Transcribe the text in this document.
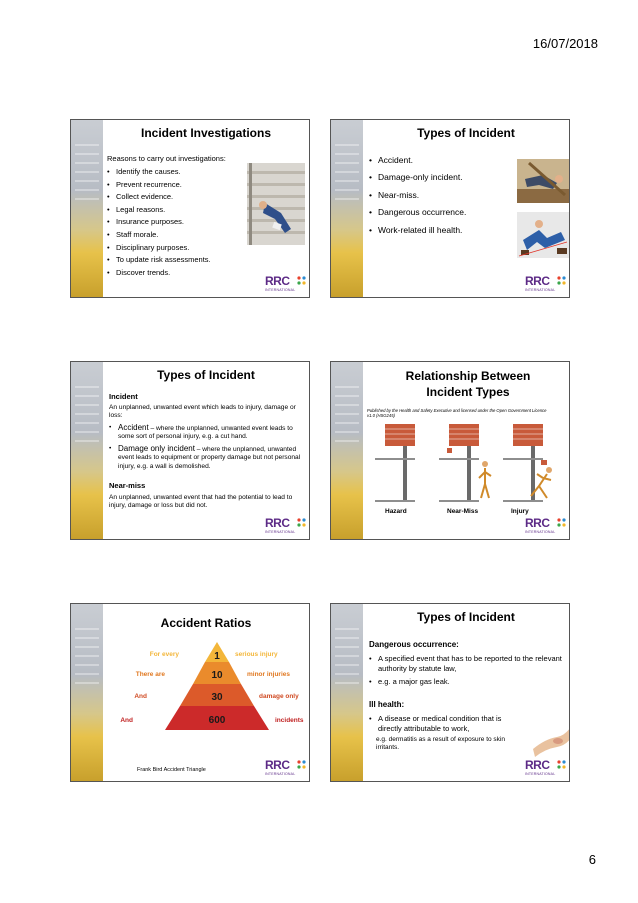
16/07/2018
Incident Investigations
Reasons to carry out investigations:
• Identify the causes.
• Prevent recurrence.
• Collect evidence.
• Legal reasons.
• Insurance purposes.
• Staff morale.
• Disciplinary purposes.
• To update risk assessments.
• Discover trends.
RRC
INTERNATIONAL
Types of Incident
• Accident.
• Damage-only incident.
• Near-miss.
• Dangerous occurrence.
• Work-related ill health.
RRC
INTERNATIONAL
Types of Incident
Incident
An unplanned, unwanted event which leads to injury, damage or loss:
• Accident – where the unplanned, unwanted event leads to some sort of personal injury, e.g. a cut hand.
• Damage only incident – where the unplanned, unwanted event leads to equipment or property damage but not personal injury, e.g. a wall is demolished.
Near-miss
An unplanned, unwanted event that had the potential to lead to injury, damage or loss but did not.
RRC
INTERNATIONAL
Relationship Between Incident Types
Published by the Health and Safety Executive and licensed under the Open Government Licence v1.0 (HSG245)
Hazard	Near-Miss	Injury
RRC
INTERNATIONAL
Accident Ratios
1
10
30
600
For every	serious injury
There are	minor injuries
And	damage only
And	incidents
Frank Bird Accident Triangle	RRC
INTERNATIONAL
Types of Incident
Dangerous occurrence:
• A specified event that has to be reported to the relevant authority by statute law,
• e.g. a major gas leak.
Ill health:
• A disease or medical condition that is directly attributable to work,
e.g. dermatitis as a result of exposure to skin irritants.
RRC
INTERNATIONAL
6
